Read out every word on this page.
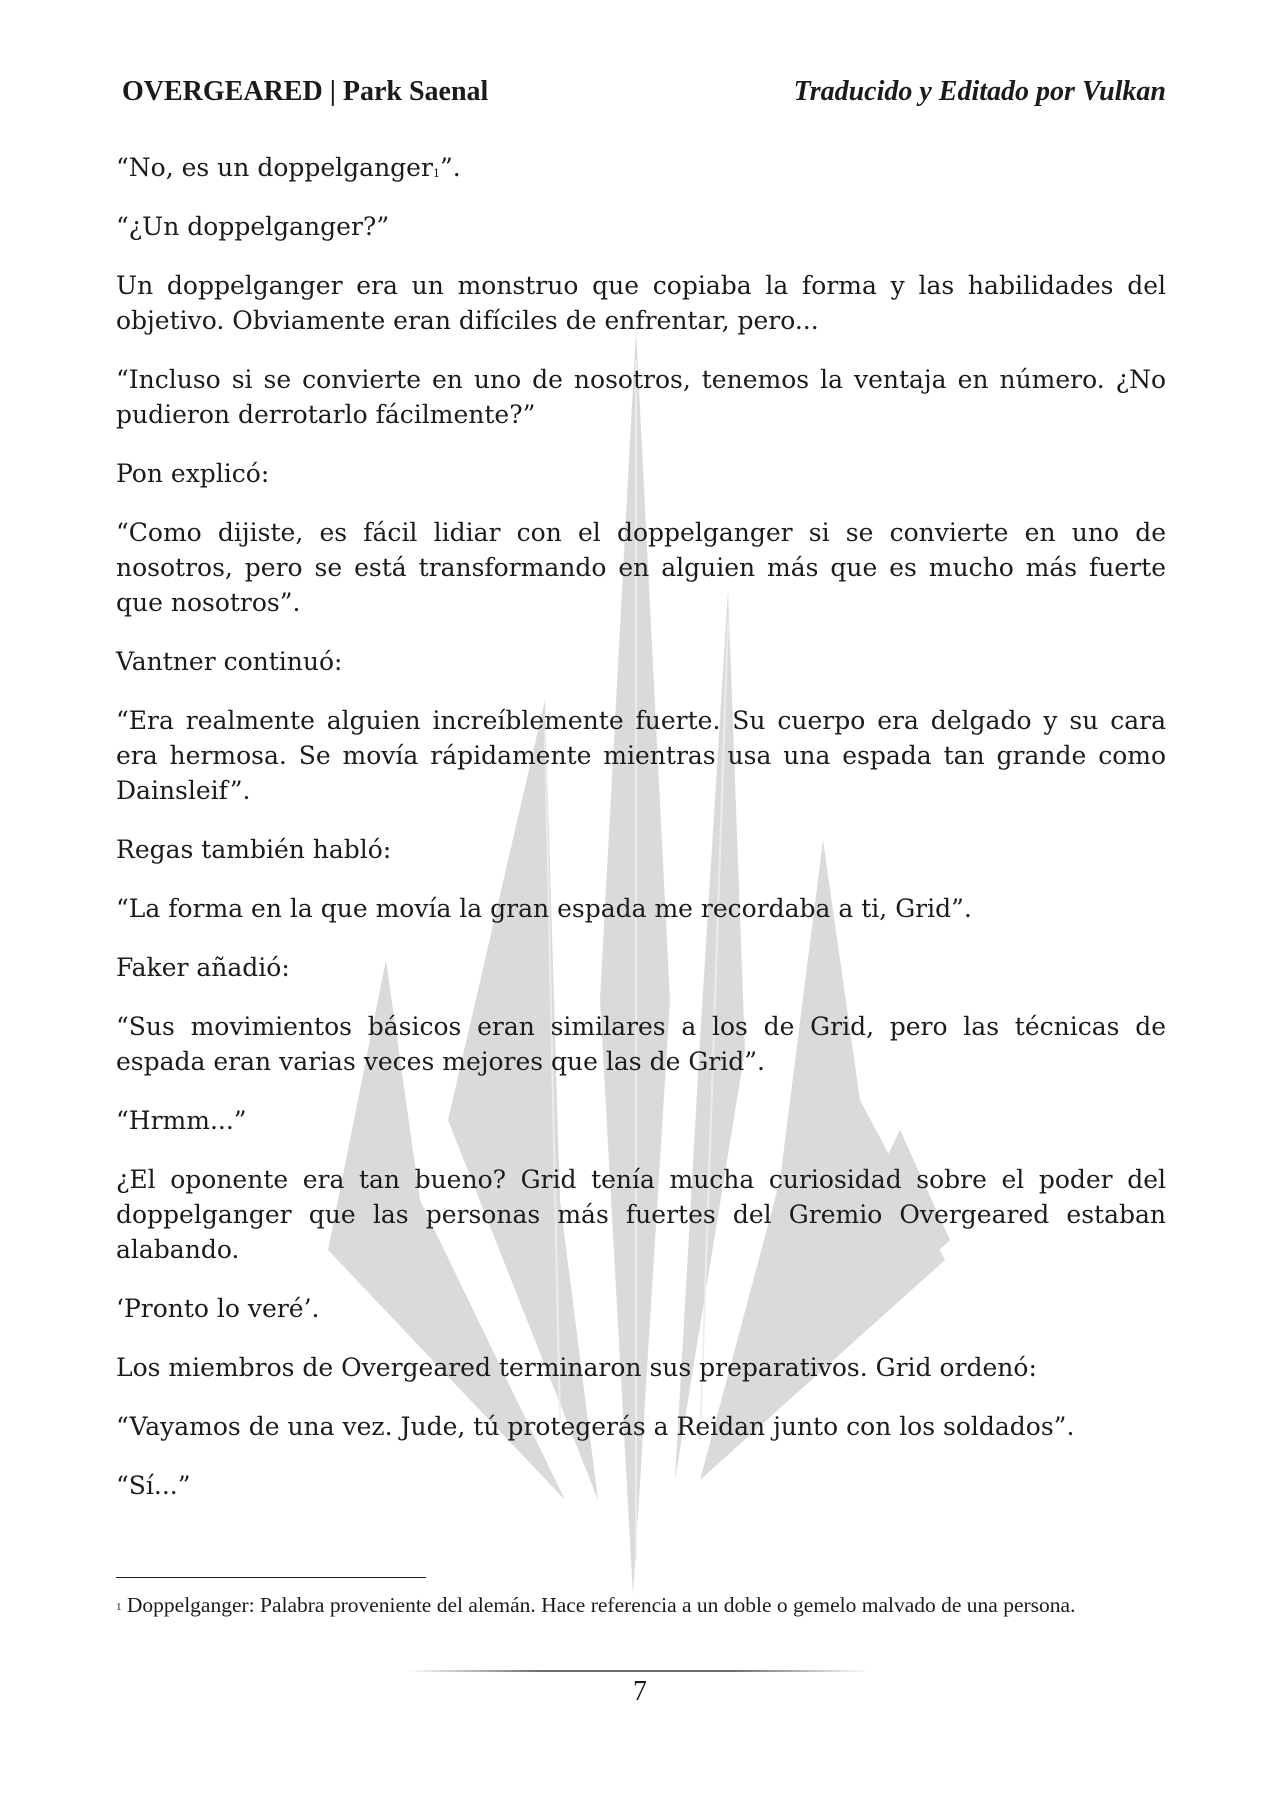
OVERGEARED | Park Saenal	Traducido y Editado por Vulkan

“No, es un doppelganger$^1$”.

“¿Un doppelganger?”

Un doppelganger era un monstruo que copiaba la forma y las habilidades del objetivo. Obviamente eran difíciles de enfrentar, pero...

“Incluso si se convierte en uno de nosotros, tenemos la ventaja en número. ¿No pudieron derrotarlo fácilmente?”

Pon explicó:

“Como dijiste, es fácil lidiar con el doppelganger si se convierte en uno de nosotros, pero se está transformando en alguien más que es mucho más fuerte que nosotros”.

Vantner continuó:

“Era realmente alguien increíblemente fuerte. Su cuerpo era delgado y su cara era hermosa. Se movía rápidamente mientras usa una espada tan grande como Dainsleif”.

Regas también habló:

“La forma en la que movía la gran espada me recordaba a ti, Grid”.

Faker añadió:

“Sus movimientos básicos eran similares a los de Grid, pero las técnicas de espada eran varias veces mejores que las de Grid”.

“Hrmm...”

¿El oponente era tan bueno? Grid tenía mucha curiosidad sobre el poder del doppelganger que las personas más fuertes del Gremio Overgeared estaban alabando.

‘Pronto lo veré’.

Los miembros de Overgeared terminaron sus preparativos. Grid ordenó:

“Vayamos de una vez. Jude, tú protegerás a Reidan junto con los soldados”.

“Sí...”

$^1$ Doppelganger: Palabra proveniente del alemán. Hace referencia a un doble o gemelo malvado de una persona.
7
